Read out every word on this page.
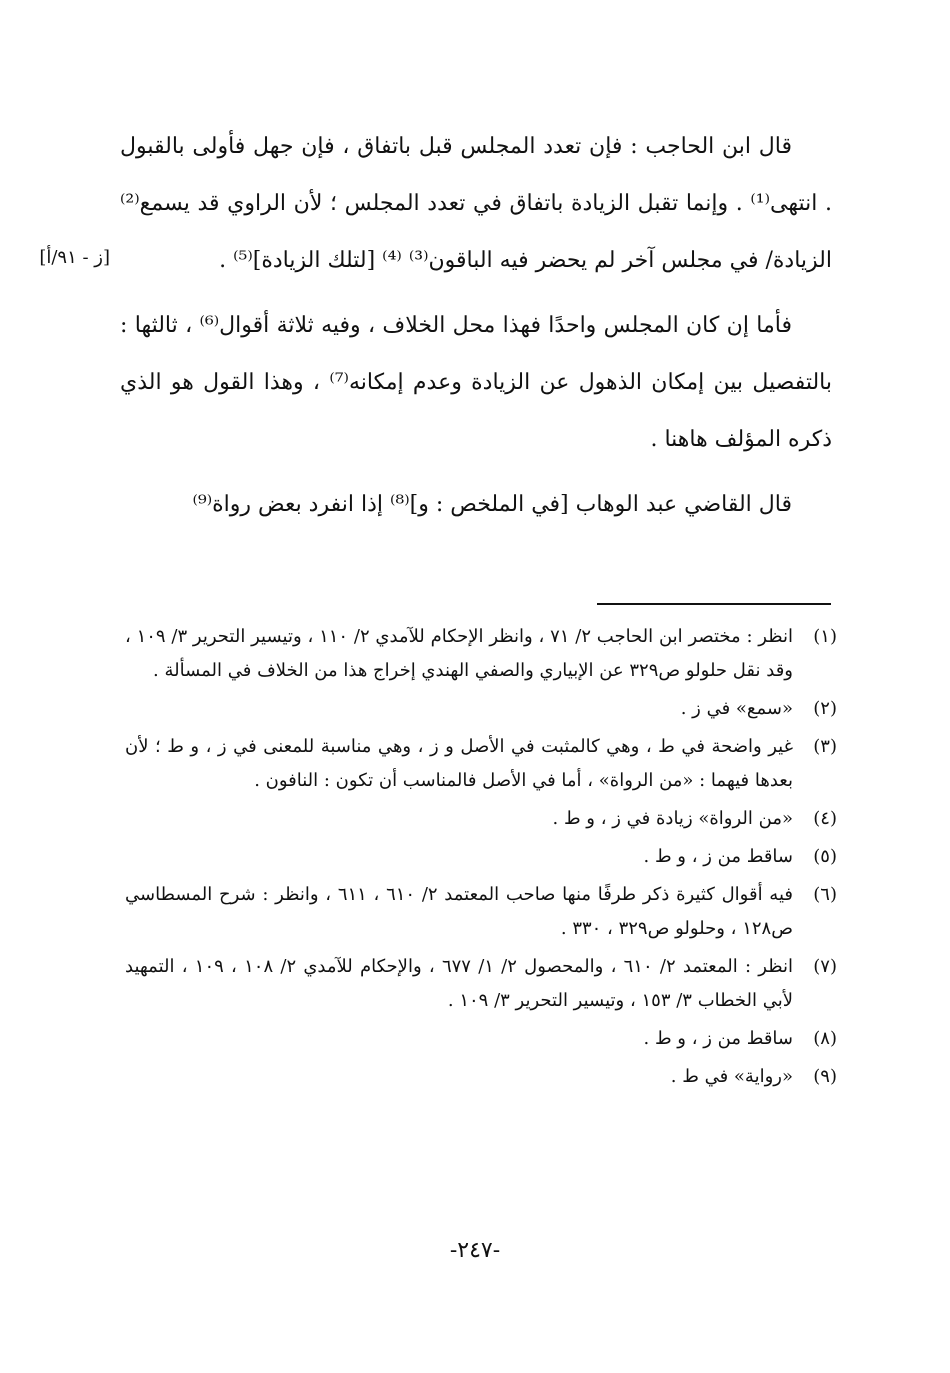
قال ابن الحاجب : فإن تعدد المجلس قبل باتفاق ، فإن جهل فأولى بالقبول . انتهى⁽¹⁾ . وإنما تقبل الزيادة باتفاق في تعدد المجلس ؛ لأن الراوي قد يسمع⁽²⁾ الزيادة/ في مجلس آخر لم يحضر فيه الباقون⁽³⁾ ⁽⁴⁾ [لتلك الزيادة]⁽⁵⁾ .

فأما إن كان المجلس واحدًا فهذا محل الخلاف ، وفيه ثلاثة أقوال⁽⁶⁾ ، ثالثها : بالتفصيل بين إمكان الذهول عن الزيادة وعدم إمكانه⁽⁷⁾ ، وهذا القول هو الذي ذكره المؤلف هاهنا .

قال القاضي عبد الوهاب [في الملخص : و]⁽⁸⁾ إذا انفرد بعض رواة⁽⁹⁾

[ز - ٩١/أ]
(١)
انظر : مختصر ابن الحاجب ٢/ ٧١ ، وانظر الإحكام للآمدي ٢/ ١١٠ ، وتيسير التحرير ٣/ ١٠٩ ، وقد نقل حلولو ص٣٢٩ عن الإبياري والصفي الهندي إخراج هذا من الخلاف في المسألة .
(٢)
«سمع» في ز .
(٣)
غير واضحة في ط ، وهي كالمثبت في الأصل و ز ، وهي مناسبة للمعنى في ز ، و ط ؛ لأن بعدها فيهما : «من الرواة» ، أما في الأصل فالمناسب أن تكون : النافون .
(٤)
«من الرواة» زيادة في ز ، و ط .
(٥)
ساقط من ز ، و ط .
(٦)
فيه أقوال كثيرة ذكر طرفًا منها صاحب المعتمد ٢/ ٦١٠ ، ٦١١ ، وانظر : شرح المسطاسي ص١٢٨ ، وحلولو ص٣٢٩ ، ٣٣٠ .
(٧)
انظر : المعتمد ٢/ ٦١٠ ، والمحصول ٢/ ١/ ٦٧٧ ، والإحكام للآمدي ٢/ ١٠٨ ، ١٠٩ ، التمهيد لأبي الخطاب ٣/ ١٥٣ ، وتيسير التحرير ٣/ ١٠٩ .
(٨)
ساقط من ز ، و ط .
(٩)
«رواية» في ط .
-٢٤٧-
